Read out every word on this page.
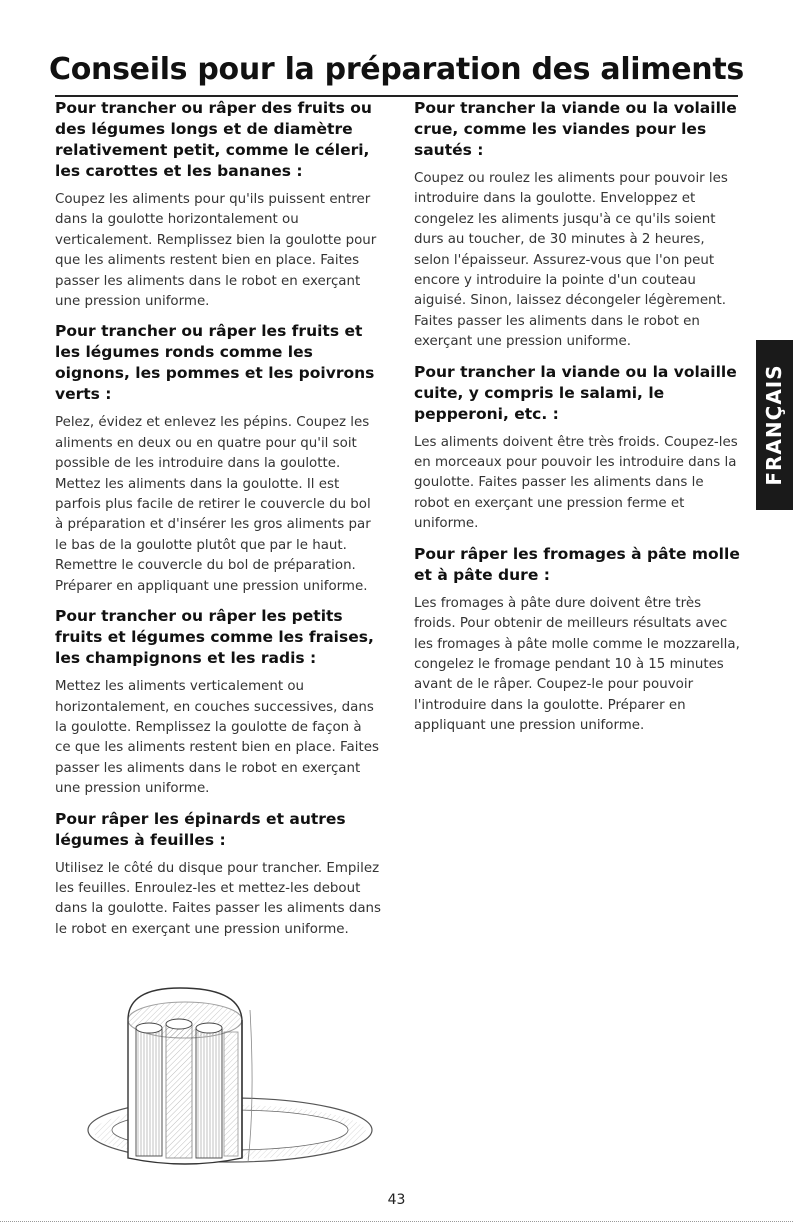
Conseils pour la préparation des aliments
Pour trancher ou râper des fruits ou des légumes longs et de diamètre relativement petit, comme le céleri, les carottes et les bananes :

Coupez les aliments pour qu'ils puissent entrer dans la goulotte horizontalement ou verticalement. Remplissez bien la goulotte pour que les aliments restent bien en place. Faites passer les aliments dans le robot en exerçant une pression uniforme.

Pour trancher ou râper les fruits et les légumes ronds comme les oignons, les pommes et les poivrons verts :

Pelez, évidez et enlevez les pépins. Coupez les aliments en deux ou en quatre pour qu'il soit possible de les introduire dans la goulotte. Mettez les aliments dans la goulotte. Il est parfois plus facile de retirer le couvercle du bol à préparation et d'insérer les gros aliments par le bas de la goulotte plutôt que par le haut. Remettre le couvercle du bol de préparation. Préparer en appliquant une pression uniforme.

Pour trancher ou râper les petits fruits et légumes comme les fraises, les champignons et les radis :

Mettez les aliments verticalement ou horizontalement, en couches successives, dans la goulotte. Remplissez la goulotte de façon à ce que les aliments restent bien en place. Faites passer les aliments dans le robot en exerçant une pression uniforme.

Pour râper les épinards et autres légumes à feuilles :

Utilisez le côté du disque pour trancher. Empilez les feuilles. Enroulez-les et mettez-les debout dans la goulotte. Faites passer les aliments dans le robot en exerçant une pression uniforme.

Pour trancher la viande ou la volaille crue, comme les viandes pour les sautés :

Coupez ou roulez les aliments pour pouvoir les introduire dans la goulotte. Enveloppez et congelez les aliments jusqu'à ce qu'ils soient durs au toucher, de 30 minutes à 2 heures, selon l'épaisseur. Assurez-vous que l'on peut encore y introduire la pointe d'un couteau aiguisé. Sinon, laissez décongeler légèrement. Faites passer les aliments dans le robot en exerçant une pression uniforme.

Pour trancher la viande ou la volaille cuite, y compris le salami, le pepperoni, etc. :

Les aliments doivent être très froids. Coupez-les en morceaux pour pouvoir les introduire dans la goulotte. Faites passer les aliments dans le robot en exerçant une pression ferme et uniforme.

Pour râper les fromages à pâte molle et à pâte dure :

Les fromages à pâte dure doivent être très froids. Pour obtenir de meilleurs résultats avec les fromages à pâte molle comme le mozzarella, congelez le fromage pendant 10 à 15 minutes avant de le râper. Coupez-le pour pouvoir l'introduire dans la goulotte. Préparer en appliquant une pression uniforme.

FRANÇAIS
43
